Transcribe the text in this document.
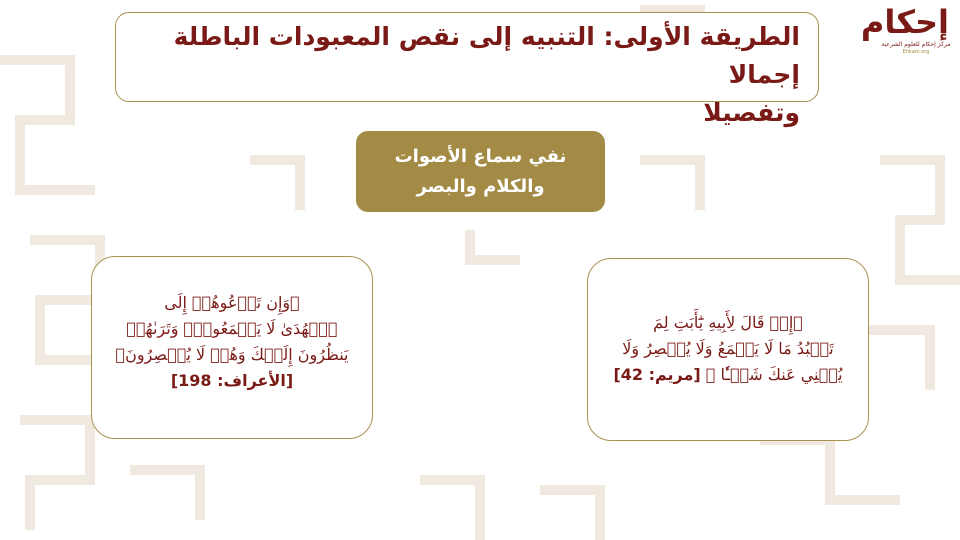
الطريقة الأولى: التنبيه إلى نقص المعبودات الباطلة إجمالا
وتفصيلا
إحكام
مركز إحكام للعلوم الشرعية
Ehkam.org
نفي سماع الأصوات
والكلام والبصر
﴿وَإِن تَدۡعُوهُمۡ إِلَى
ٱلۡهُدَىٰ لَا يَسۡمَعُواْۖ وَتَرَىٰهُمۡ
يَنظُرُونَ إِلَيۡكَ وَهُمۡ لَا يُبۡصِرُونَ﴾
[الأعراف: 198]
﴿إِذۡ قَالَ لِأَبِيهِ يَٰٓأَبَتِ لِمَ
تَعۡبُدُ مَا لَا يَسۡمَعُ وَلَا يُبۡصِرُ وَلَا
يُغۡنِي عَنكَ شَيۡـٔٗا ﴾ [مريم: 42]
